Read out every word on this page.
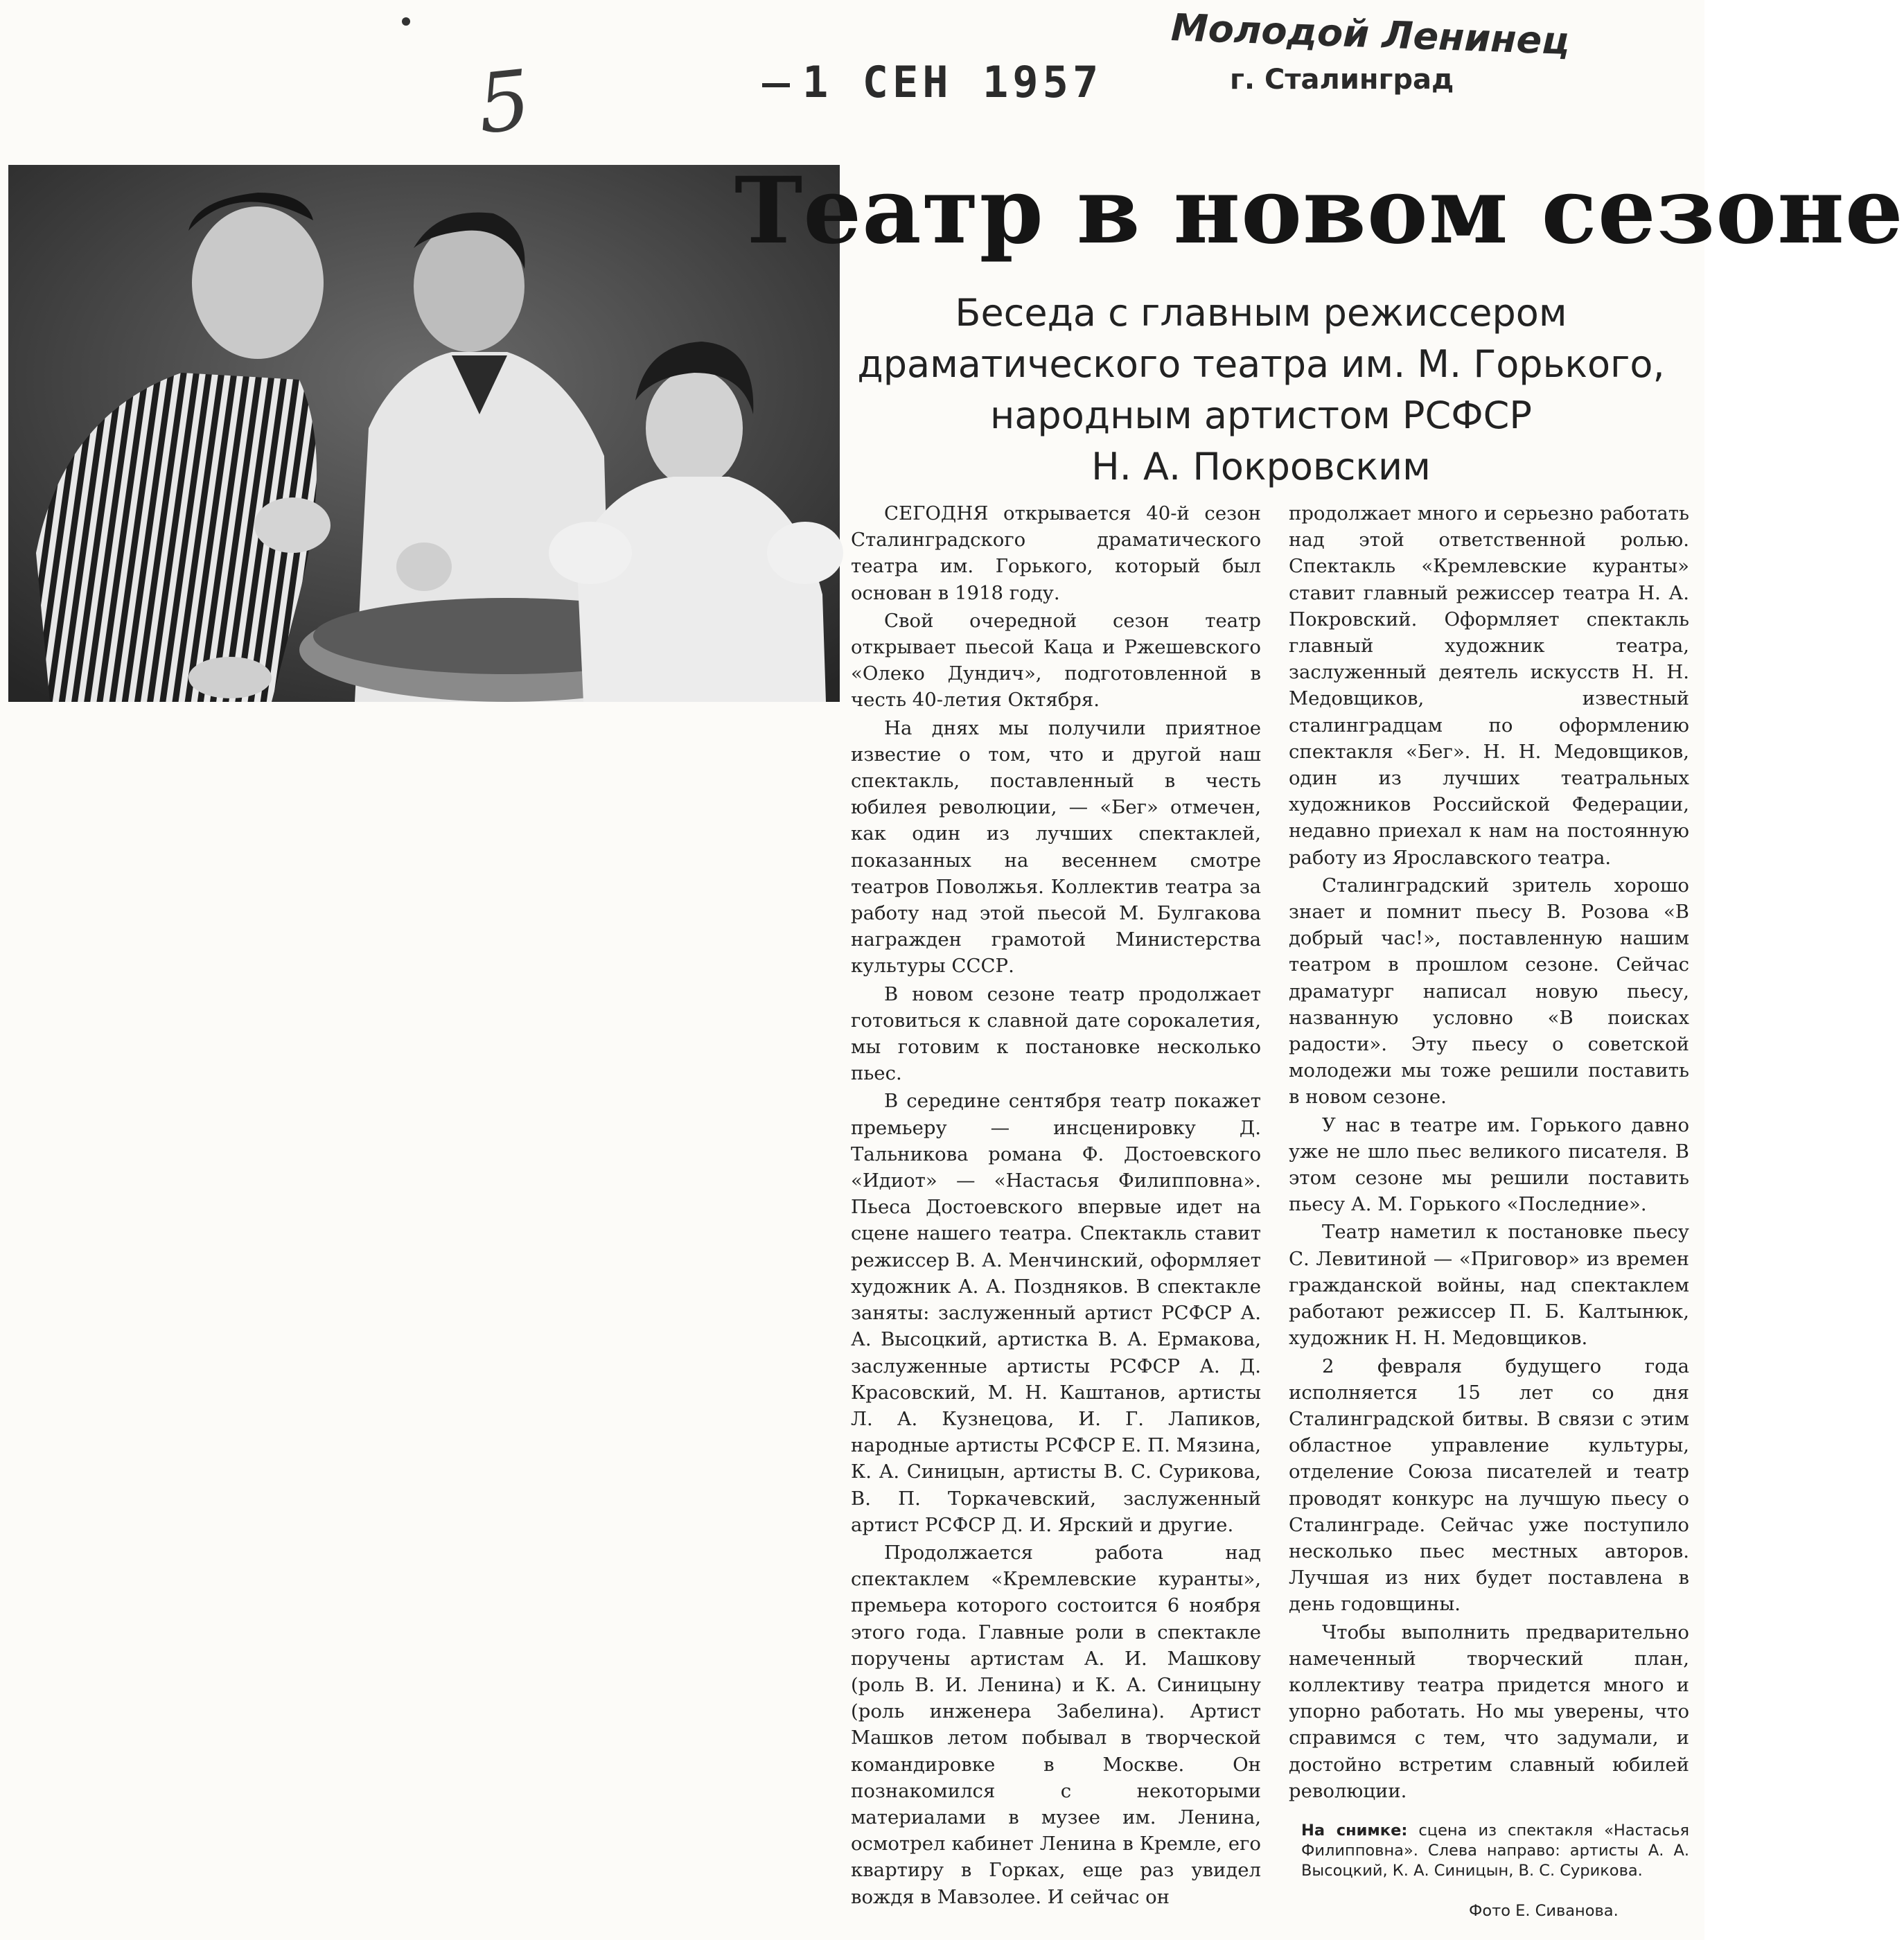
5	1 СЕН 1957
Молодой Ленинец
г. Сталинград
Театр в новом сезоне
Беседа с главным режиссером
драматического театра им. М. Горького,
народным артистом РСФСР
Н. А. Покровским

СЕГОДНЯ открывается 40-й сезон Сталинградского драматического театра им. Горького, который был основан в 1918 году.

Свой очередной сезон театр открывает пьесой Каца и Ржешевского «Олеко Дундич», подготовленной в честь 40-летия Октября.

На днях мы получили приятное известие о том, что и другой наш спектакль, поставленный в честь юбилея революции, — «Бег» отмечен, как один из лучших спектаклей, показанных на весеннем смотре театров Поволжья. Коллектив театра за работу над этой пьесой М. Булгакова награжден грамотой Министерства культуры СССР.

В новом сезоне театр продолжает готовиться к славной дате сорокалетия, мы готовим к постановке несколько пьес.

В середине сентября театр покажет премьеру — инсценировку Д. Тальникова романа Ф. Достоевского «Идиот» — «Настасья Филипповна». Пьеса Достоевского впервые идет на сцене нашего театра. Спектакль ставит режиссер В. А. Менчинский, оформляет художник А. А. Поздняков. В спектакле заняты: заслуженный артист РСФСР А. А. Высоцкий, артистка В. А. Ермакова, заслуженные артисты РСФСР А. Д. Красовский, М. Н. Каштанов, артисты Л. А. Кузнецова, И. Г. Лапиков, народные артисты РСФСР Е. П. Мязина, К. А. Синицын, артисты В. С. Сурикова, В. П. Торкачевский, заслуженный артист РСФСР Д. И. Ярский и другие.

Продолжается работа над спектаклем «Кремлевские куранты», премьера которого состоится 6 ноября этого года. Главные роли в спектакле поручены артистам А. И. Машкову (роль В. И. Ленина) и К. А. Синицыну (роль инженера Забелина). Артист Машков летом побывал в творческой командировке в Москве. Он познакомился с некоторыми материалами в музее им. Ленина, осмотрел кабинет Ленина в Кремле, его квартиру в Горках, еще раз увидел вождя в Мавзолее. И сейчас он

продолжает много и серьезно работать над этой ответственной ролью. Спектакль «Кремлевские куранты» ставит главный режиссер театра Н. А. Покровский. Оформляет спектакль главный художник театра, заслуженный деятель искусств Н. Н. Медовщиков, известный сталинградцам по оформлению спектакля «Бег». Н. Н. Медовщиков, один из лучших театральных художников Российской Федерации, недавно приехал к нам на постоянную работу из Ярославского театра.

Сталинградский зритель хорошо знает и помнит пьесу В. Розова «В добрый час!», поставленную нашим театром в прошлом сезоне. Сейчас драматург написал новую пьесу, названную условно «В поисках радости». Эту пьесу о советской молодежи мы тоже решили поставить в новом сезоне.

У нас в театре им. Горького давно уже не шло пьес великого писателя. В этом сезоне мы решили поставить пьесу А. М. Горького «Последние».

Театр наметил к постановке пьесу С. Левитиной — «Приговор» из времен гражданской войны, над спектаклем работают режиссер П. Б. Калтынюк, художник Н. Н. Медовщиков.

2 февраля будущего года исполняется 15 лет со дня Сталинградской битвы. В связи с этим областное управление культуры, отделение Союза писателей и театр проводят конкурс на лучшую пьесу о Сталинграде. Сейчас уже поступило несколько пьес местных авторов. Лучшая из них будет поставлена в день годовщины.

Чтобы выполнить предварительно намеченный творческий план, коллективу театра придется много и упорно работать. Но мы уверены, что справимся с тем, что задумали, и достойно встретим славный юбилей революции.

На снимке: сцена из спектакля «Настасья Филипповна». Слева направо: артисты А. А. Высоцкий, К. А. Синицын, В. С. Сурикова.
Фото Е. Сиванова.
